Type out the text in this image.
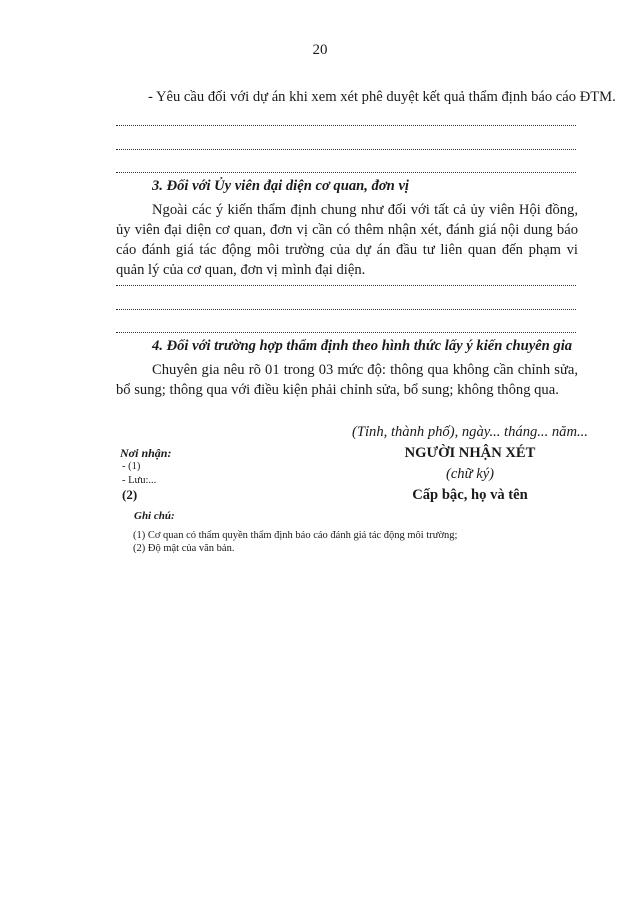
20
- Yêu cầu đối với dự án khi xem xét phê duyệt kết quả thẩm định báo cáo ĐTM.
3. Đối với Ủy viên đại diện cơ quan, đơn vị
Ngoài các ý kiến thẩm định chung như đối với tất cả ủy viên Hội đồng, ủy viên đại diện cơ quan, đơn vị cần có thêm nhận xét, đánh giá nội dung báo cáo đánh giá tác động môi trường của dự án đầu tư liên quan đến phạm vi quản lý của cơ quan, đơn vị mình đại diện.
4. Đối với trường hợp thẩm định theo hình thức lấy ý kiến chuyên gia
Chuyên gia nêu rõ 01 trong 03 mức độ: thông qua không cần chỉnh sửa, bổ sung; thông qua với điều kiện phải chỉnh sửa, bổ sung; không thông qua.
(Tỉnh, thành phố), ngày... tháng... năm...
NGƯỜI NHẬN XÉT
(chữ ký)
Cấp bậc, họ và tên
Nơi nhận:
- (1)
- Lưu:...
(2)
Ghi chú:
(1) Cơ quan có thẩm quyền thẩm định báo cáo đánh giá tác động môi trường;
(2) Độ mật của văn bản.
